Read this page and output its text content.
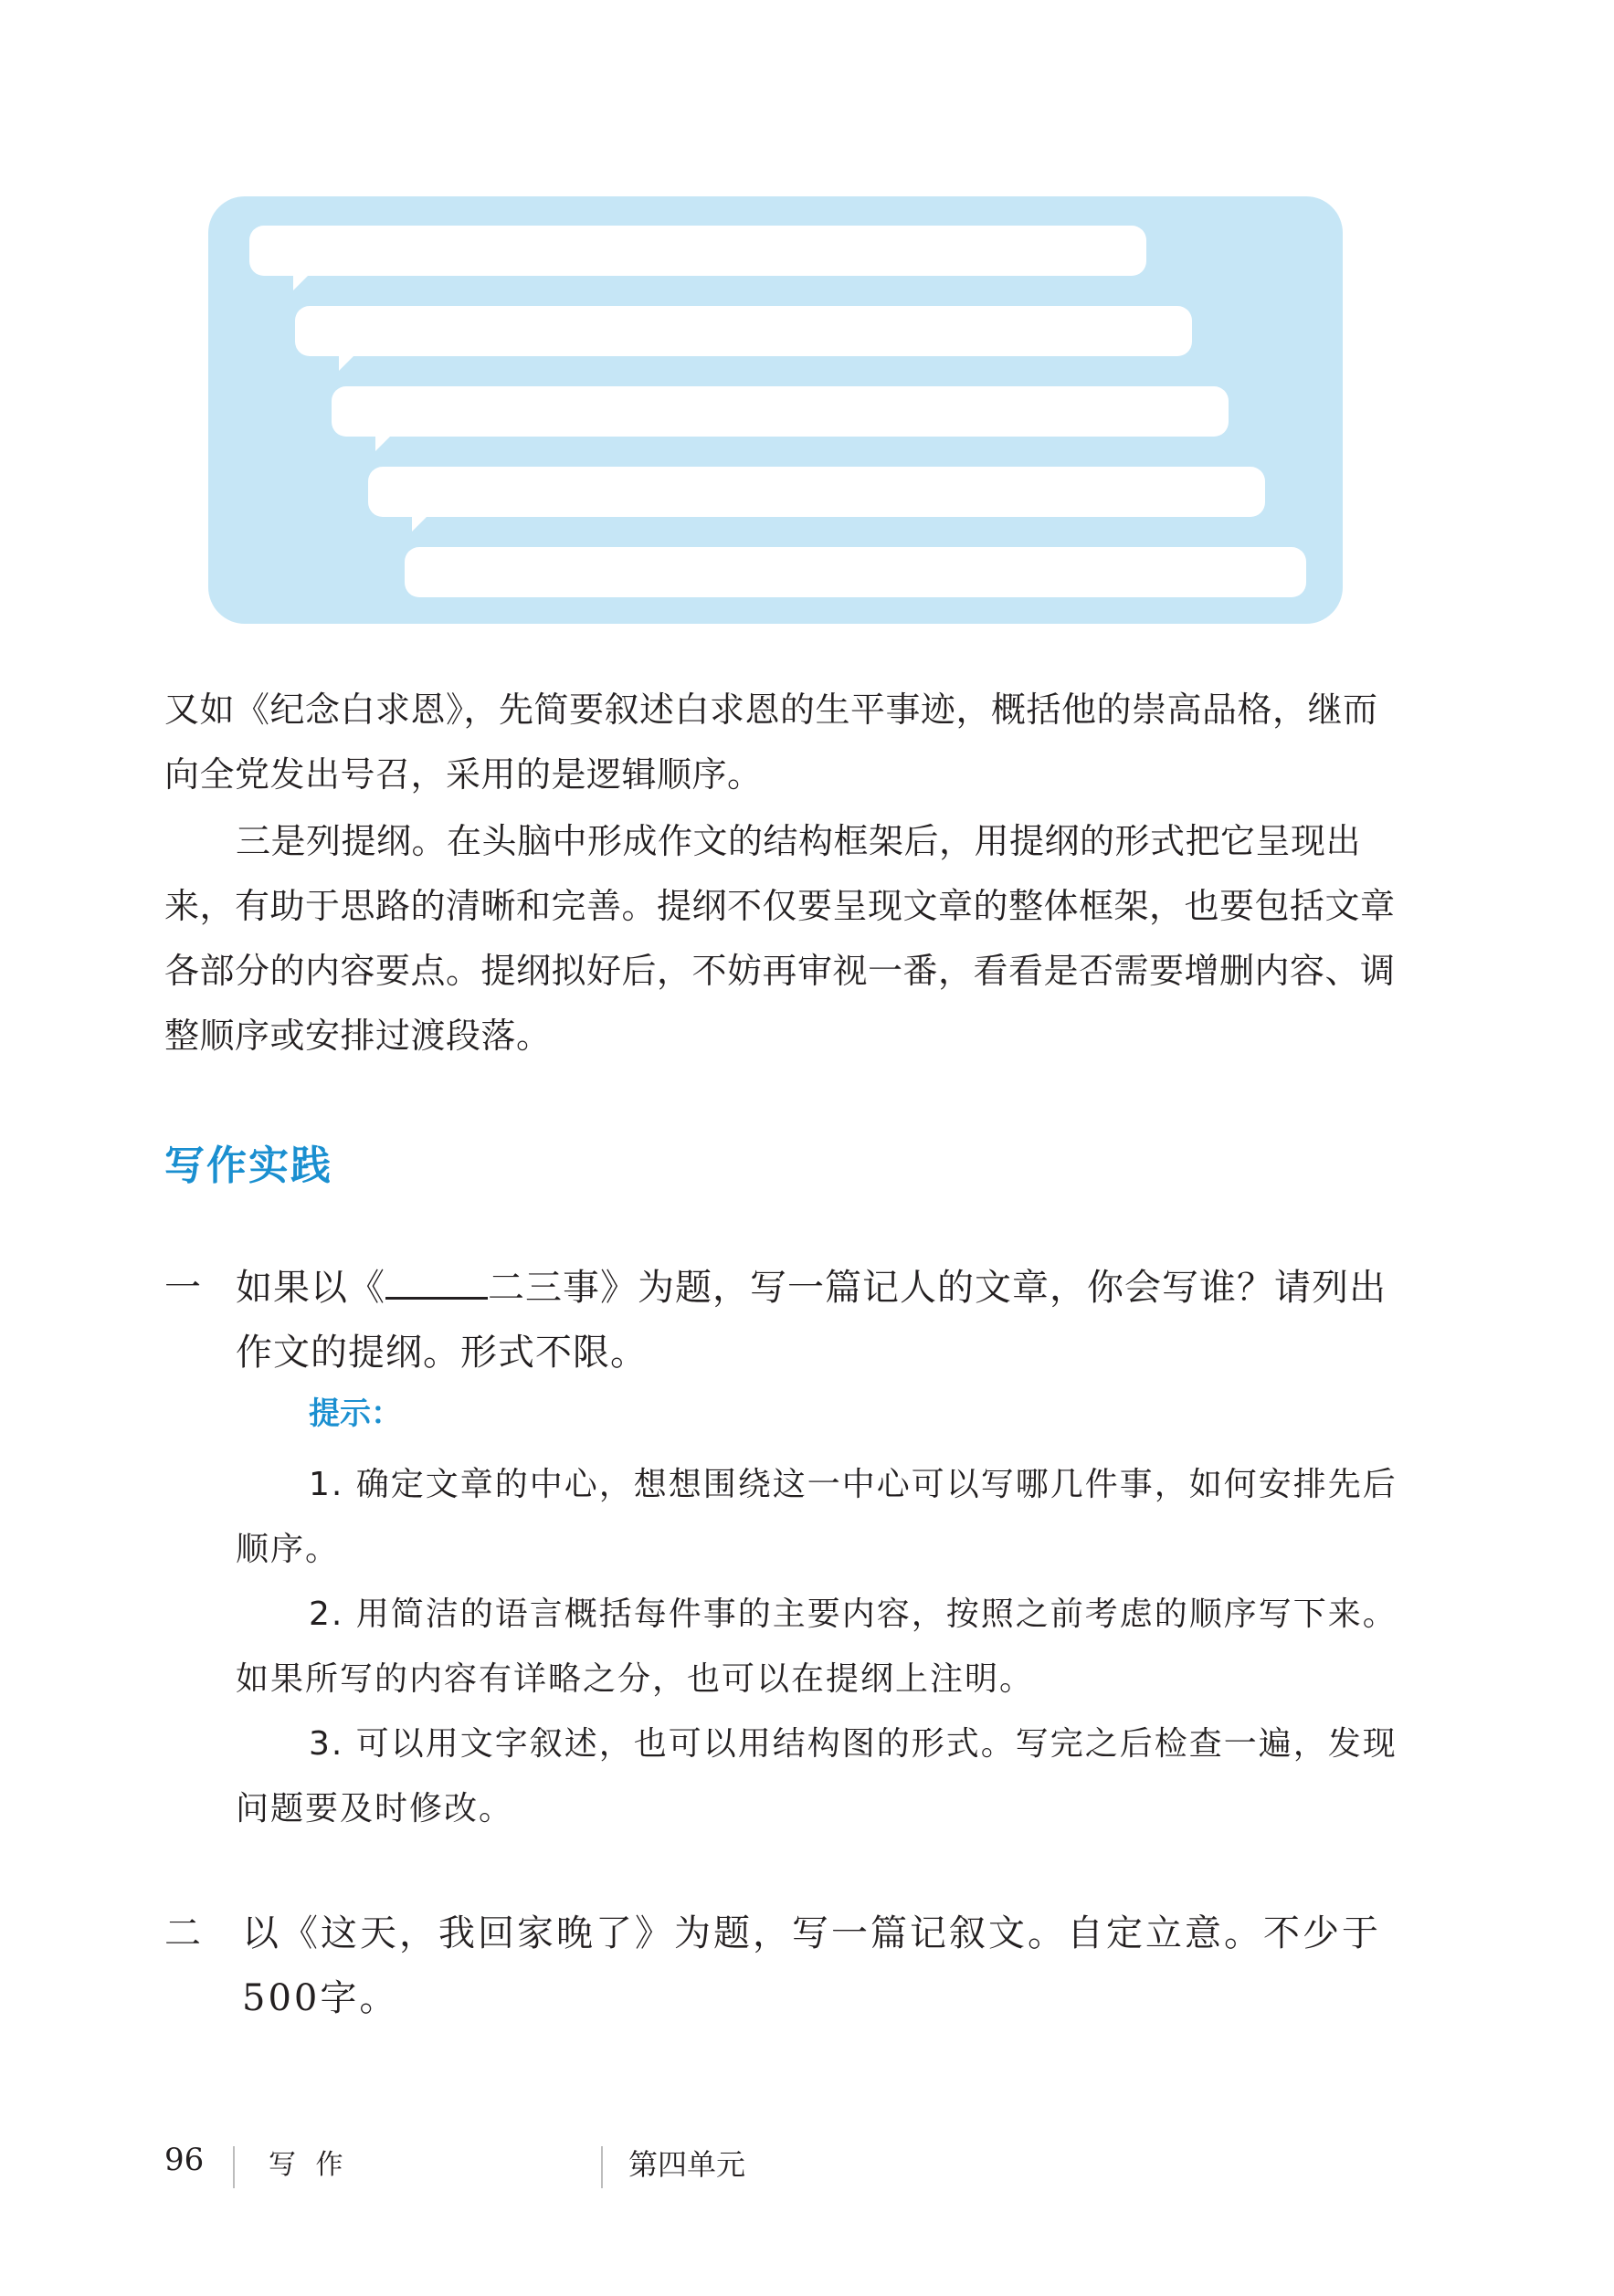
又如《纪念白求恩》，先简要叙述白求恩的生平事迹，概括他的崇高品格，继而向全党发出号召，采用的是逻辑顺序。

三是列提纲。在头脑中形成作文的结构框架后，用提纲的形式把它呈现出来，有助于思路的清晰和完善。提纲不仅要呈现文章的整体框架，也要包括文章各部分的内容要点。提纲拟好后，不妨再审视一番，看看是否需要增删内容、调整顺序或安排过渡段落。

写作实践
一 如果以《	二三事》为题，写一篇记人的文章，你会写谁？请列出作文的提纲。形式不限。

提示：

1. 确定文章的中心，想想围绕这一中心可以写哪几件事，如何安排先后顺序。

2. 用简洁的语言概括每件事的主要内容，按照之前考虑的顺序写下来。如果所写的内容有详略之分，也可以在提纲上注明。

3. 可以用文字叙述，也可以用结构图的形式。写完之后检查一遍，发现问题要及时修改。

二 以《这天，我回家晚了》为题，写一篇记叙文。自定立意。不少于500字。

96 写 作	第四单元
